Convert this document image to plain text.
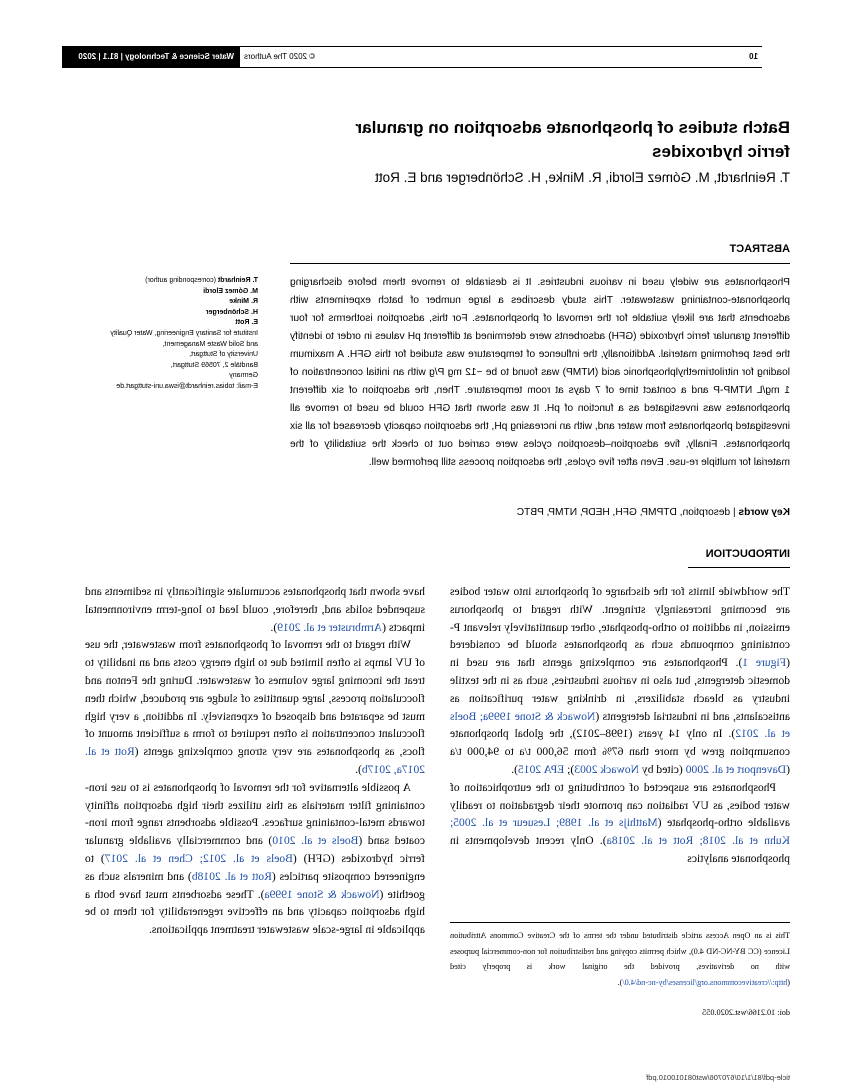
10
© 2020 The Authors
Water Science & Technology | 81.1 | 2020
Batch studies of phosphonate adsorption on granular ferric hydroxides
T. Reinhardt, M. Gómez Elordi, R. Minke, H. Schönberger and E. Rott
ABSTRACT
Phosphonates are widely used in various industries. It is desirable to remove them before discharging phosphonate-containing wastewater. This study describes a large number of batch experiments with adsorbents that are likely suitable for the removal of phosphonates. For this, adsorption isotherms for four different granular ferric hydroxide (GFH) adsorbents were determined at different pH values in order to identify the best performing material. Additionally, the influence of temperature was studied for this GFH. A maximum loading for nitrilotrimethylphosphonic acid (NTMP) was found to be ~12 mg P/g with an initial concentration of 1 mg/L NTMP-P and a contact time of 7 days at room temperature. Then, the adsorption of six different phosphonates was investigated as a function of pH. It was shown that GFH could be used to remove all investigated phosphonates from water and, with an increasing pH, the adsorption capacity decreased for all six phosphonates. Finally, five adsorption–desorption cycles were carried out to check the suitability of the material for multiple re-use. Even after five cycles, the adsorption process still performed well.
Key words | desorption, DTPMP, GFH, HEDP, NTMP, PBTC
T. Reinhardt (corresponding author)
M. Gómez Elordi
R. Minke
H. Schönberger
E. Rott
Institute for Sanitary Engineering, Water Quality and Solid Waste Management,
University of Stuttgart,
Bandtäle 2, 70569 Stuttgart,
Germany
E-mail: tobias.reinhardt@iswa.uni-stuttgart.de
INTRODUCTION

The worldwide limits for the discharge of phosphorus into water bodies are becoming increasingly stringent. With regard to phosphorus emission, in addition to ortho-phosphate, other quantitatively relevant P-containing compounds such as phosphonates should be considered (Figure 1). Phosphonates are complexing agents that are used in domestic detergents, but also in various industries, such as in the textile industry as bleach stabilizers, in drinking water purification as antiscalants, and in industrial detergents (Nowack & Stone 1999a; Boels et al. 2012). In only 14 years (1998–2012), the global phosphonate consumption grew by more than 67% from 56,000 t/a to 94,000 t/a (Davenport et al. 2000 (cited by Nowack 2003); EPA 2015).

Phosphonates are suspected of contributing to the eutrophication of water bodies, as UV radiation can promote their degradation to readily available ortho-phosphate (Matthijs et al. 1989; Lesueur et al. 2005; Kuhn et al. 2018; Rott et al. 2018a). Only recent developments in phosphonate analytics

have shown that phosphonates accumulate significantly in sediments and suspended solids and, therefore, could lead to long-term environmental impacts (Armbruster et al. 2019).

With regard to the removal of phosphonates from wastewater, the use of UV lamps is often limited due to high energy costs and an inability to treat the incoming large volumes of wastewater. During the Fenton and flocculation process, large quantities of sludge are produced, which then must be separated and disposed of expensively. In addition, a very high flocculant concentration is often required to form a sufficient amount of flocs, as phosphonates are very strong complexing agents (Rott et al. 2017a, 2017b).

A possible alternative for the removal of phosphonates is to use iron-containing filter materials as this utilizes their high adsorption affinity towards metal-containing surfaces. Possible adsorbents range from iron-coated sand (Boels et al. 2010) and commercially available granular ferric hydroxides (GFH) (Boels et al. 2012; Chen et al. 2017) to engineered composite particles (Rott et al. 2018b) and minerals such as goethite (Nowack & Stone 1999a). These adsorbents must have both a high adsorption capacity and an effective regenerability for them to be applicable in large-scale wastewater treatment applications.	This is an Open Access article distributed under the terms of the Creative Commons Attribution Licence (CC BY-NC-ND 4.0), which permits copying and redistribution for non-commercial purposes with no derivatives, provided the original work is properly cited (http://creativecommons.org/licenses/by-nc-nd/4.0/).
doi: 10.2166/wst.2020.055
ticle-pdf/81/1/10/670706/wst081010010.pdf
